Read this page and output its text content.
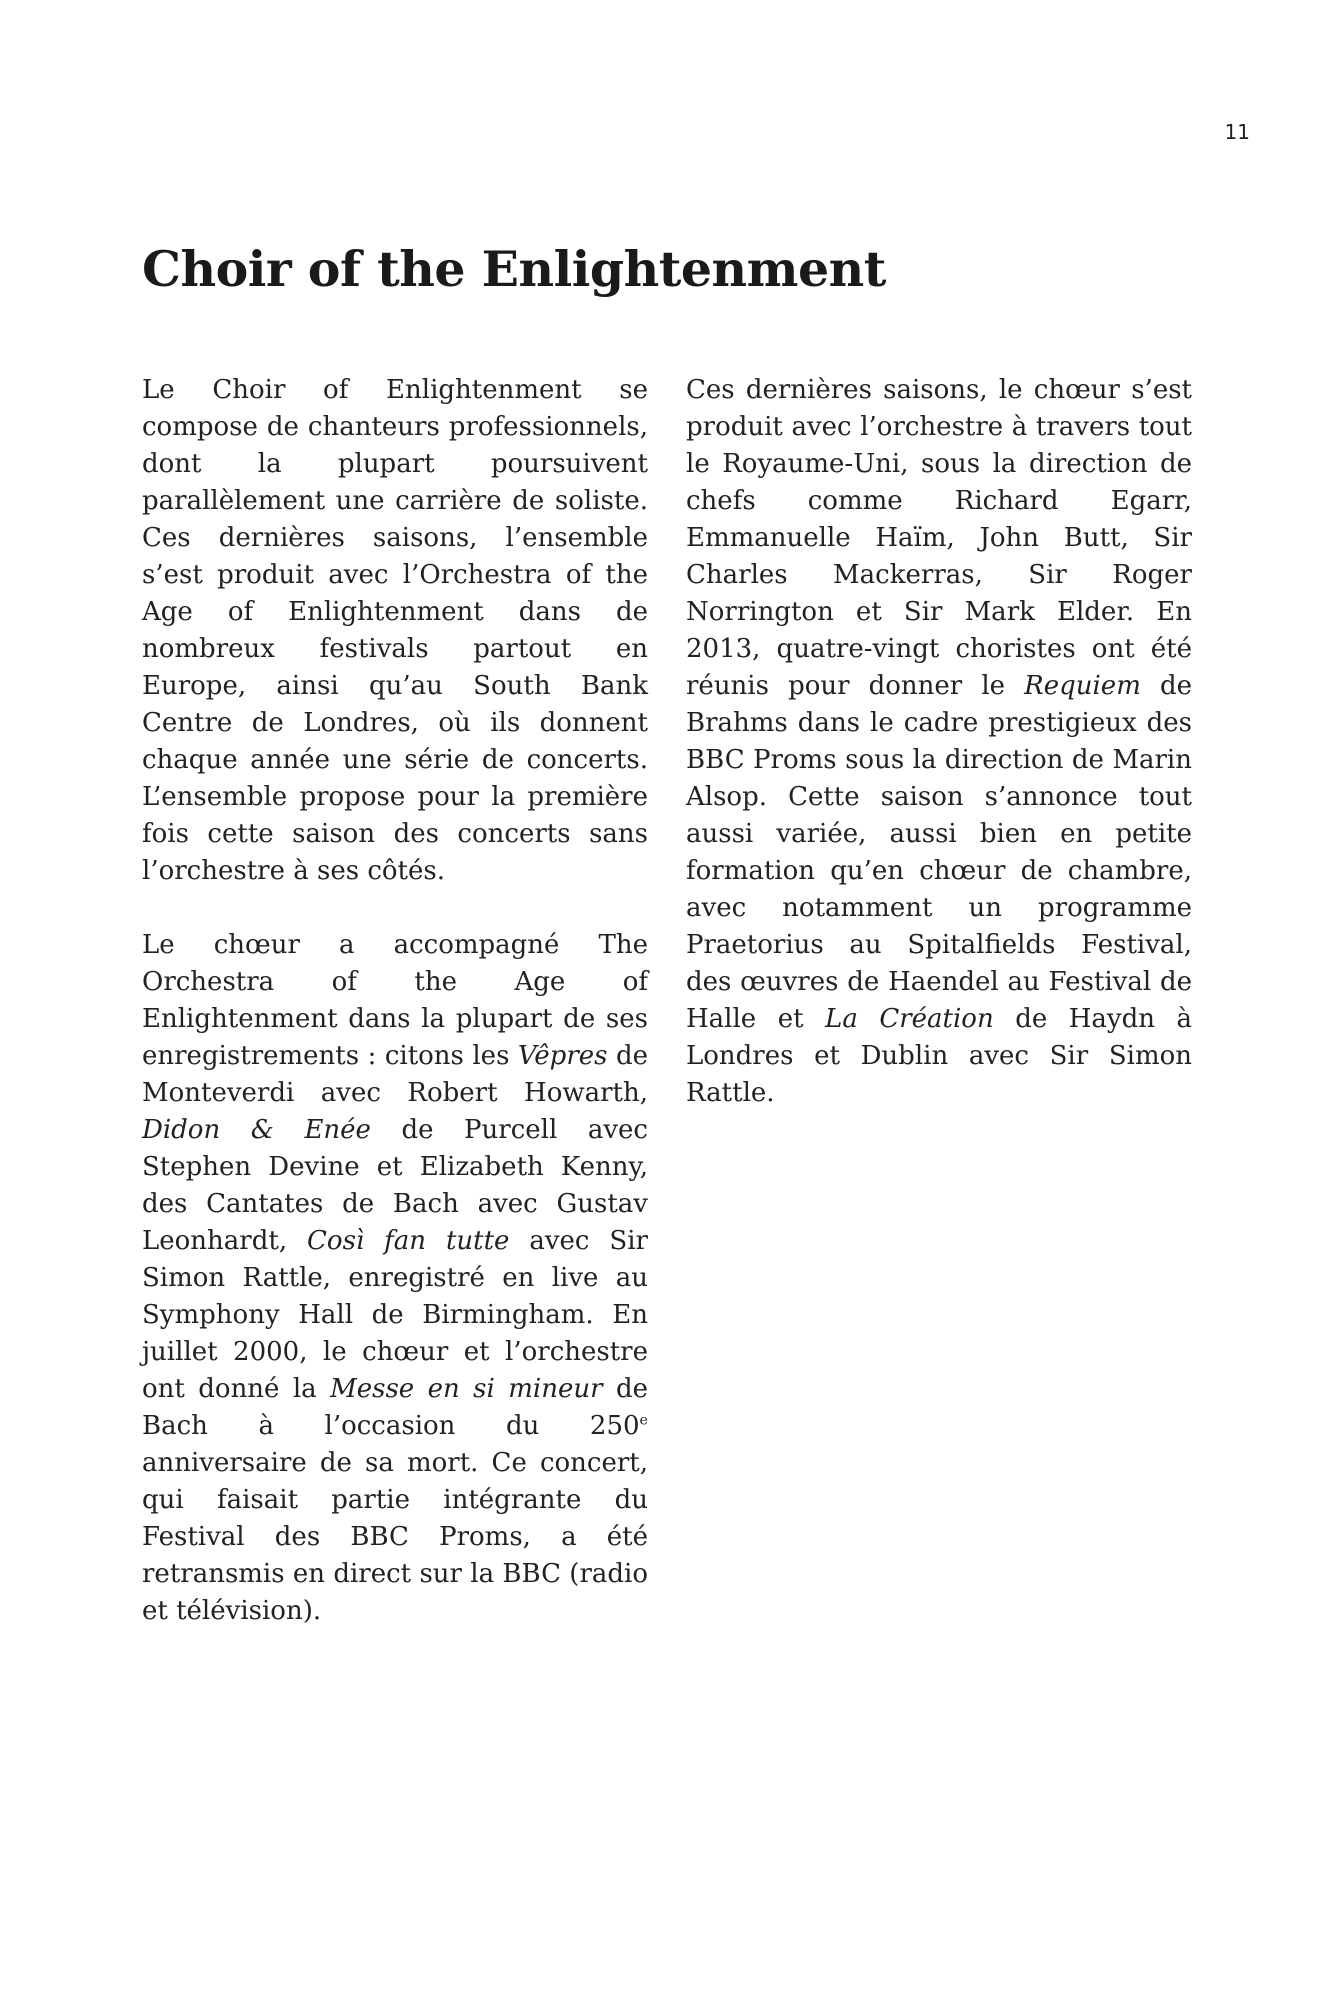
11
Choir of the Enlightenment

Le Choir of Enlightenment se compose de chanteurs professionnels, dont la plupart poursuivent parallèlement une carrière de soliste. Ces dernières saisons, l’ensemble s’est produit avec l’Orchestra of the Age of Enlightenment dans de nombreux festivals partout en Europe, ainsi qu’au South Bank Centre de Londres, où ils donnent chaque année une série de concerts. L’ensemble propose pour la première fois cette saison des concerts sans l’orchestre à ses côtés.

Le chœur a accompagné The Orchestra of the Age of Enlightenment dans la plupart de ses enregistrements : citons les Vêpres de Monteverdi avec Robert Howarth, Didon & Enée de Purcell avec Stephen Devine et Elizabeth Kenny, des Cantates de Bach avec Gustav Leonhardt, Così fan tutte avec Sir Simon Rattle, enregistré en live au Symphony Hall de Birmingham. En juillet 2000, le chœur et l’orchestre ont donné la Messe en si mineur de Bach à l’occasion du 250e anniversaire de sa mort. Ce concert, qui faisait partie intégrante du Festival des BBC Proms, a été retransmis en direct sur la BBC (radio et télévision).

Ces dernières saisons, le chœur s’est produit avec l’orchestre à travers tout le Royaume-Uni, sous la direction de chefs comme Richard Egarr, Emmanuelle Haïm, John Butt, Sir Charles Mackerras, Sir Roger Norrington et Sir Mark Elder. En 2013, quatre-vingt choristes ont été réunis pour donner le Requiem de Brahms dans le cadre prestigieux des BBC Proms sous la direction de Marin Alsop. Cette saison s’annonce tout aussi variée, aussi bien en petite formation qu’en chœur de chambre, avec notamment un programme Praetorius au Spitalfields Festival, des œuvres de Haendel au Festival de Halle et La Création de Haydn à Londres et Dublin avec Sir Simon Rattle.
